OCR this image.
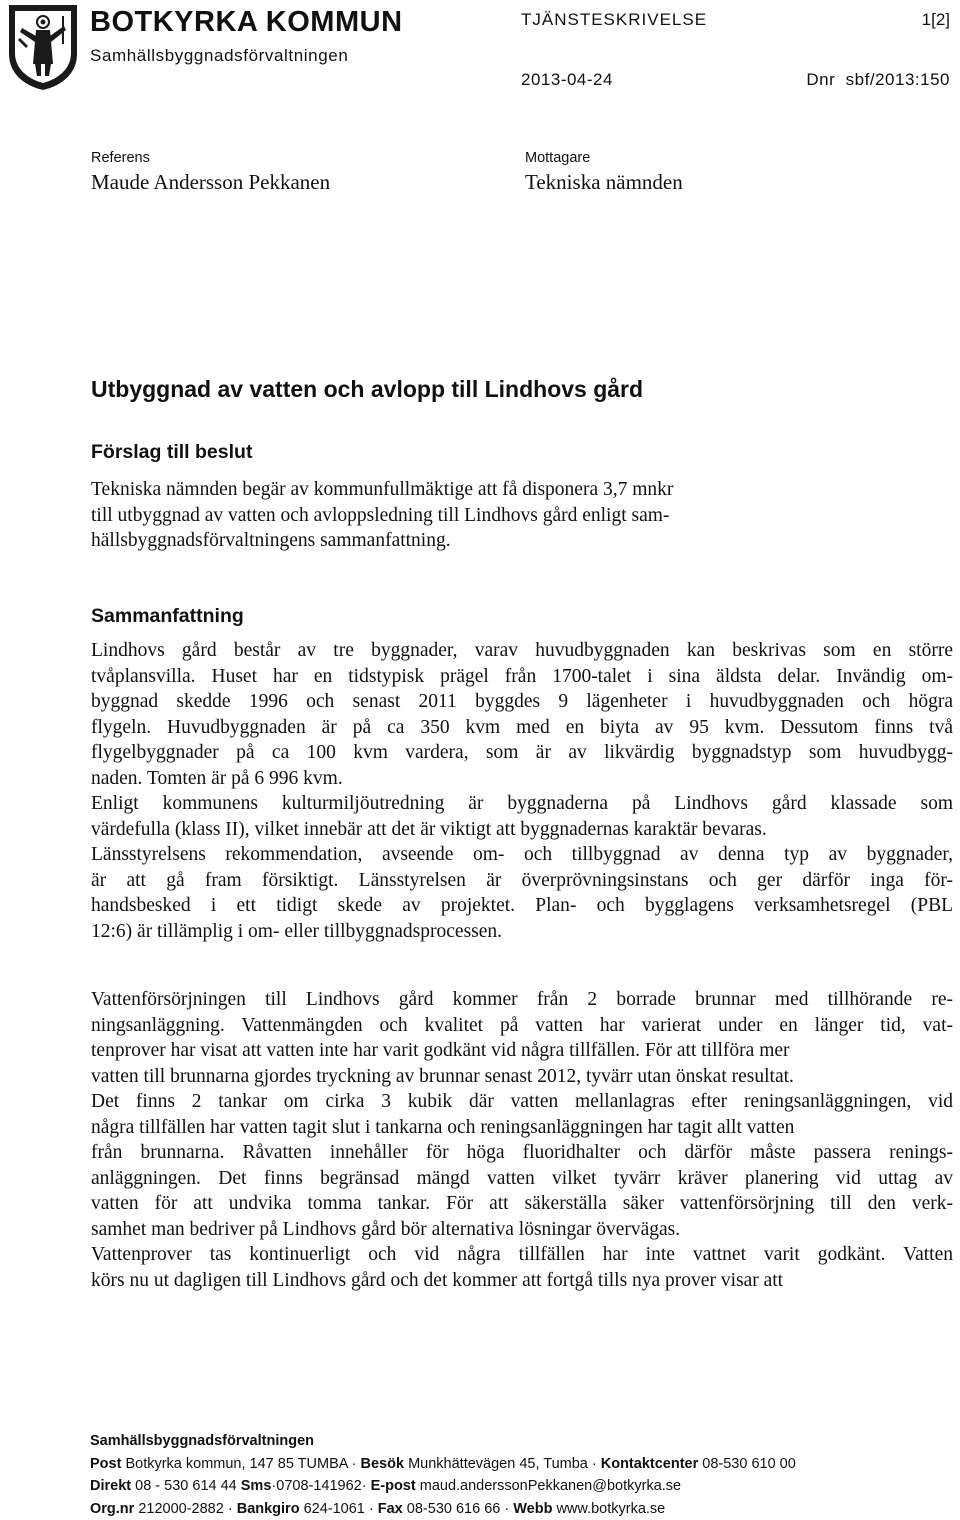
BOTKYRKA KOMMUN
Samhällsbyggnadsförvaltningen
TJÄNSTESKRIVELSE	1[2]
2013-04-24	Dnr  sbf/2013:150
Referens
Maude Andersson Pekkanen
Mottagare
Tekniska nämnden
Utbyggnad av vatten och avlopp till Lindhovs gård
Förslag till beslut
Tekniska nämnden begär av kommunfullmäktige att få disponera 3,7 mnkr
till utbyggnad av vatten och avloppsledning till Lindhovs gård enligt sam-
hällsbyggnadsförvaltningens sammanfattning.
Sammanfattning
Lindhovs gård består av tre byggnader, varav huvudbyggnaden kan beskrivas som en större
tvåplansvilla. Huset har en tidstypisk prägel från 1700-talet i sina äldsta delar. Invändig om-
byggnad skedde 1996 och senast 2011 byggdes 9 lägenheter i huvudbyggnaden och högra
flygeln. Huvudbyggnaden är på ca 350 kvm med en biyta av 95 kvm. Dessutom finns två
flygelbyggnader på ca 100 kvm vardera, som är av likvärdig byggnadstyp som huvudbygg-
naden. Tomten är på 6 996 kvm.
Enligt kommunens kulturmiljöutredning är byggnaderna på Lindhovs gård klassade som
värdefulla (klass II), vilket innebär att det är viktigt att byggnadernas karaktär bevaras.
Länsstyrelsens rekommendation, avseende om- och tillbyggnad av denna typ av byggnader,
är att gå fram försiktigt. Länsstyrelsen är överprövningsinstans och ger därför inga för-
handsbesked i ett tidigt skede av projektet. Plan- och bygglagens verksamhetsregel (PBL
12:6) är tillämplig i om- eller tillbyggnadsprocessen.
Vattenförsörjningen till Lindhovs gård kommer från 2 borrade brunnar med tillhörande re-
ningsanläggning. Vattenmängden och kvalitet på vatten har varierat under en länger tid, vat-
tenprover har visat att vatten inte har varit godkänt vid några tillfällen. För att tillföra mer
vatten till brunnarna gjordes tryckning av brunnar senast 2012, tyvärr utan önskat resultat.
Det finns 2 tankar om cirka 3 kubik där vatten mellanlagras efter reningsanläggningen, vid
några tillfällen har vatten tagit slut i tankarna och reningsanläggningen har tagit allt vatten
från brunnarna. Råvatten innehåller för höga fluoridhalter och därför måste passera renings-
anläggningen. Det finns begränsad mängd vatten vilket tyvärr kräver planering vid uttag av
vatten för att undvika tomma tankar. För att säkerställa säker vattenförsörjning till den verk-
samhet man bedriver på Lindhovs gård bör alternativa lösningar övervägas.
Vattenprover tas kontinuerligt och vid några tillfällen har inte vattnet varit godkänt. Vatten
körs nu ut dagligen till Lindhovs gård och det kommer att fortgå tills nya prover visar att
Samhällsbyggnadsförvaltningen
Post Botkyrka kommun, 147 85 TUMBA · Besök Munkhättevägen 45, Tumba · Kontaktcenter 08-530 610 00
Direkt 08 - 530 614 44 Sms·0708-141962· E-post maud.anderssonPekkanen@botkyrka.se
Org.nr 212000-2882 · Bankgiro 624-1061 · Fax 08-530 616 66 · Webb www.botkyrka.se
